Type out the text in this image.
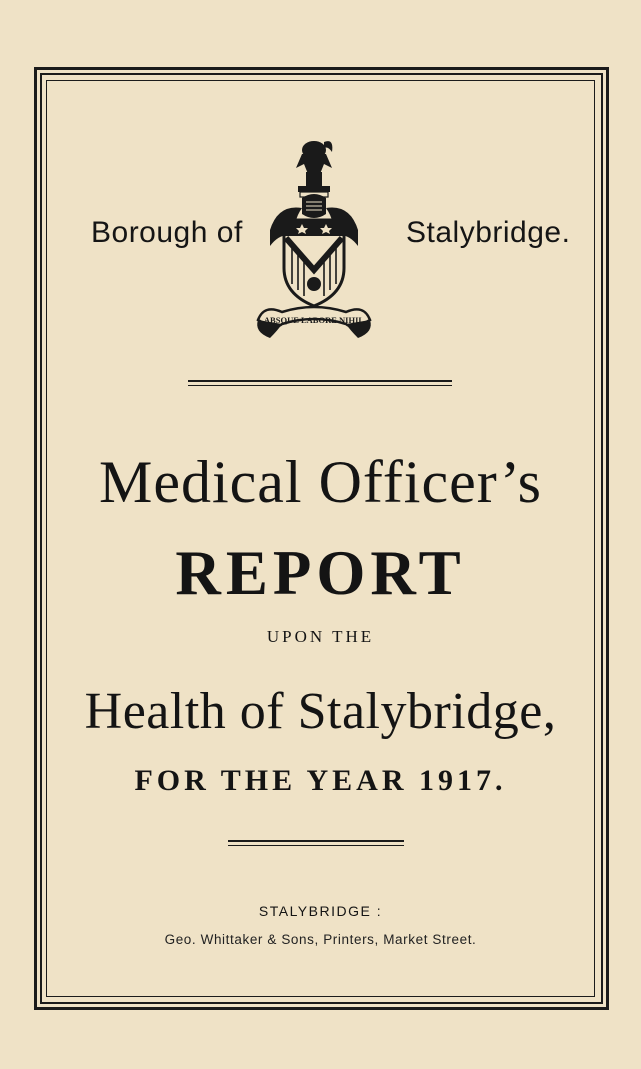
Borough of
ABSQUE LABORE NIHIL
Stalybridge.
Medical Officer’s
REPORT
UPON THE
Health of Stalybridge,
FOR THE YEAR 1917.
STALYBRIDGE :
Geo. Whittaker & Sons, Printers, Market Street.
